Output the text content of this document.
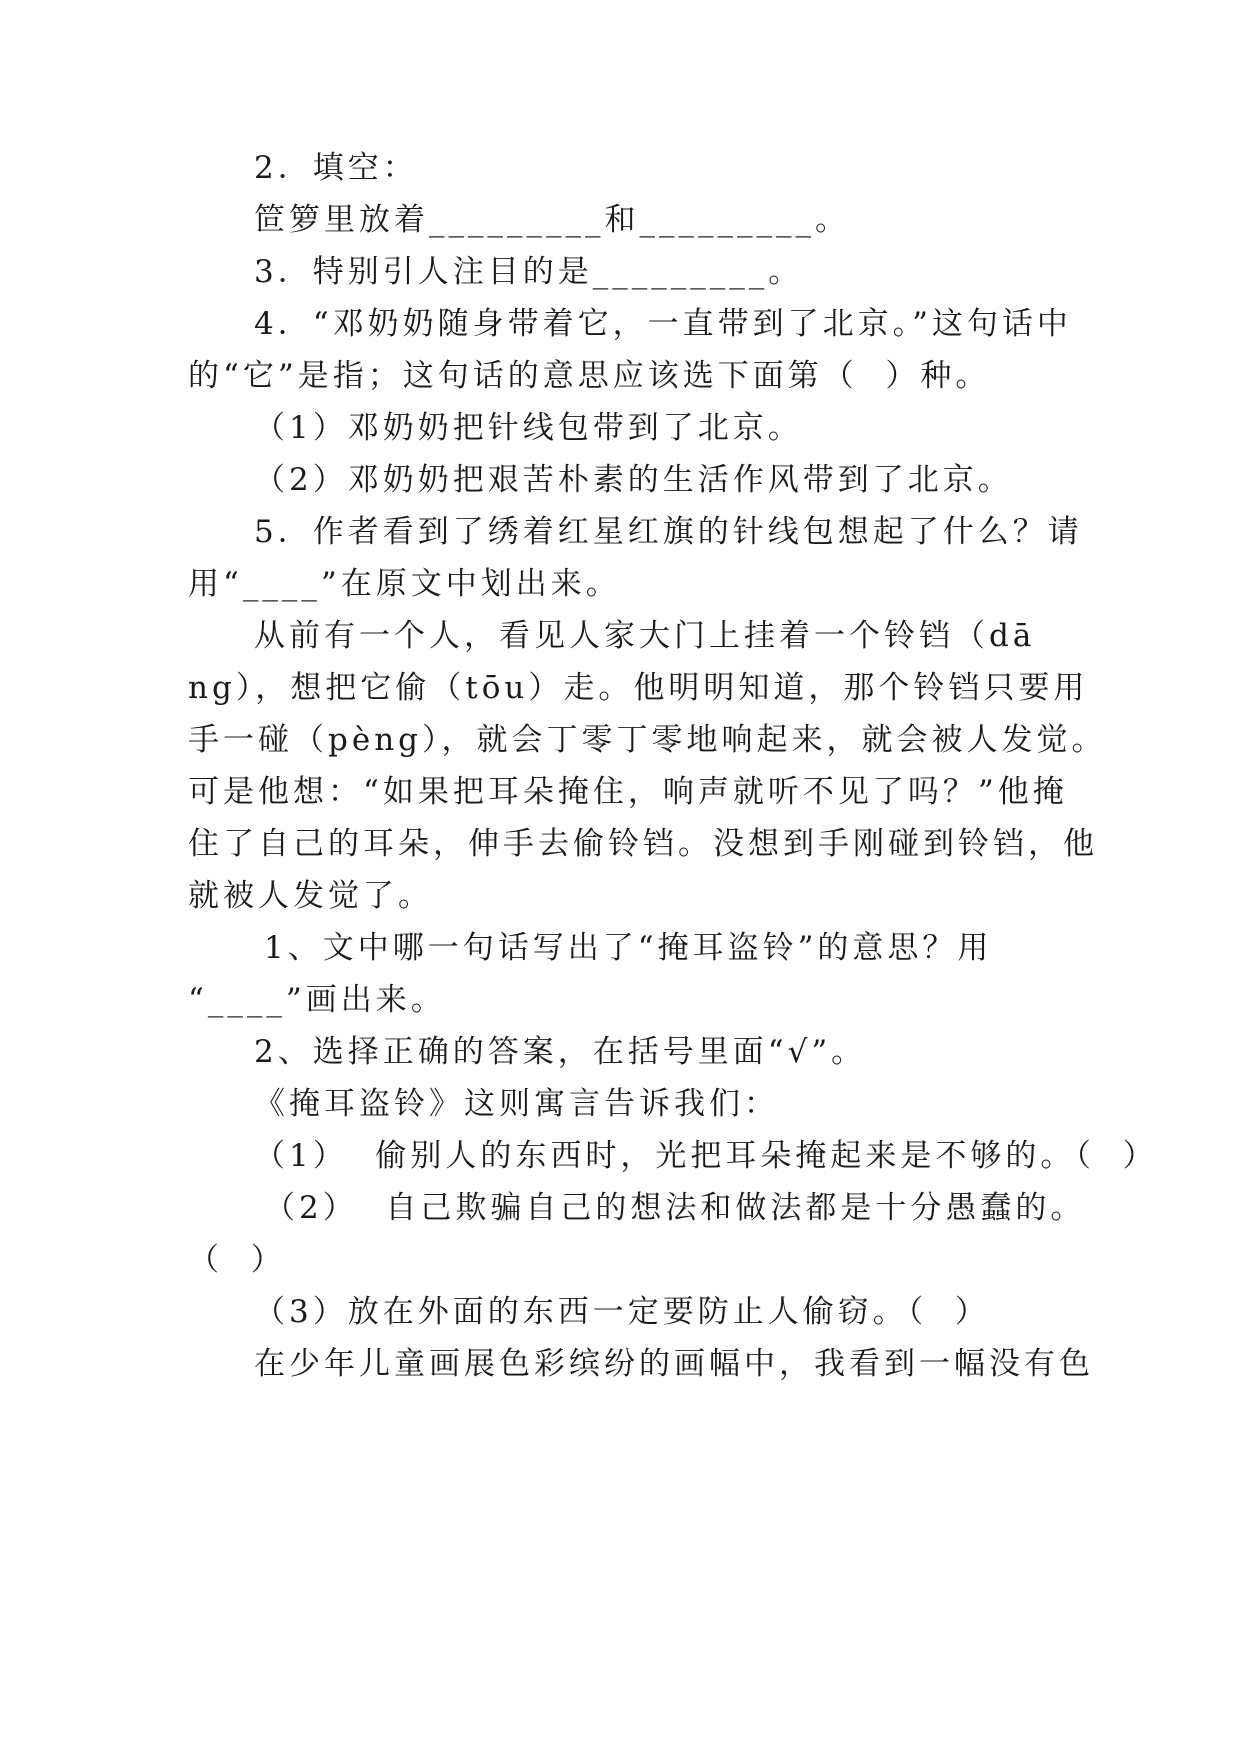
2．填空：
笸箩里放着_________和_________。
3．特别引人注目的是_________。
4．“邓奶奶随身带着它，一直带到了北京。”这句话中
的“它”是指；这句话的意思应该选下面第（  ）种。
（1）邓奶奶把针线包带到了北京。
（2）邓奶奶把艰苦朴素的生活作风带到了北京。
5．作者看到了绣着红星红旗的针线包想起了什么？请
用“____”在原文中划出来。
从前有一个人，看见人家大门上挂着一个铃铛（dā
ng），想把它偷（tōu）走。他明明知道，那个铃铛只要用
手一碰（pèng），就会丁零丁零地响起来，就会被人发觉。
可是他想：“如果把耳朵掩住，响声就听不见了吗？”他掩
住了自己的耳朵，伸手去偷铃铛。没想到手刚碰到铃铛，他
就被人发觉了。
1、文中哪一句话写出了“掩耳盗铃”的意思？用
“____”画出来。
2、选择正确的答案，在括号里面“√”。
《掩耳盗铃》这则寓言告诉我们：
（1）  偷别人的东西时，光把耳朵掩起来是不够的。（  ）
（2）  自己欺骗自己的想法和做法都是十分愚蠢的。
（  ）
（3）放在外面的东西一定要防止人偷窃。（  ）
在少年儿童画展色彩缤纷的画幅中，我看到一幅没有色
